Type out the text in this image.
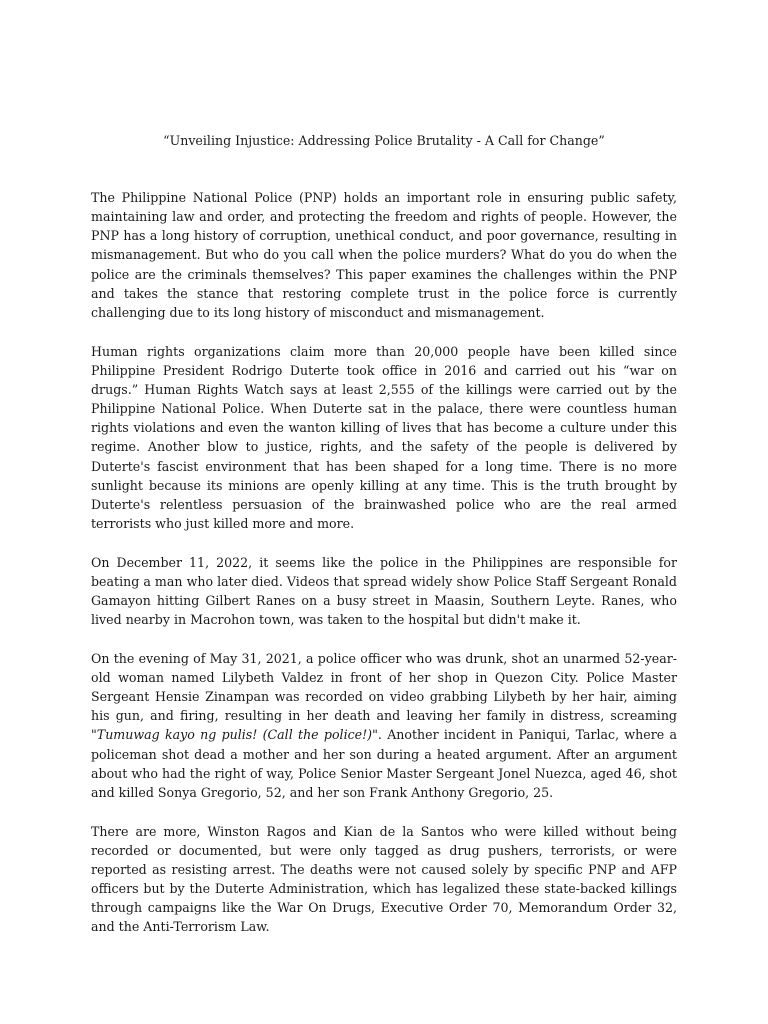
“Unveiling Injustice: Addressing Police Brutality - A Call for Change”

The Philippine National Police (PNP) holds an important role in ensuring public safety, maintaining law and order, and protecting the freedom and rights of people. However, the PNP has a long history of corruption, unethical conduct, and poor governance, resulting in mismanagement. But who do you call when the police murders? What do you do when the police are the criminals themselves? This paper examines the challenges within the PNP and takes the stance that restoring complete trust in the police force is currently challenging due to its long history of misconduct and mismanagement.

Human rights organizations claim more than 20,000 people have been killed since Philippine President Rodrigo Duterte took office in 2016 and carried out his “war on drugs.” Human Rights Watch says at least 2,555 of the killings were carried out by the Philippine National Police. When Duterte sat in the palace, there were countless human rights violations and even the wanton killing of lives that has become a culture under this regime. Another blow to justice, rights, and the safety of the people is delivered by Duterte's fascist environment that has been shaped for a long time. There is no more sunlight because its minions are openly killing at any time. This is the truth brought by Duterte's relentless persuasion of the brainwashed police who are the real armed terrorists who just killed more and more.

On December 11, 2022, it seems like the police in the Philippines are responsible for beating a man who later died. Videos that spread widely show Police Staff Sergeant Ronald Gamayon hitting Gilbert Ranes on a busy street in Maasin, Southern Leyte. Ranes, who lived nearby in Macrohon town, was taken to the hospital but didn't make it.

On the evening of May 31, 2021, a police officer who was drunk, shot an unarmed 52-year-old woman named Lilybeth Valdez in front of her shop in Quezon City. Police Master Sergeant Hensie Zinampan was recorded on video grabbing Lilybeth by her hair, aiming his gun, and firing, resulting in her death and leaving her family in distress, screaming "Tumuwag kayo ng pulis! (Call the police!)". Another incident in Paniqui, Tarlac, where a policeman shot dead a mother and her son during a heated argument. After an argument about who had the right of way, Police Senior Master Sergeant Jonel Nuezca, aged 46, shot and killed Sonya Gregorio, 52, and her son Frank Anthony Gregorio, 25.

There are more, Winston Ragos and Kian de la Santos who were killed without being recorded or documented, but were only tagged as drug pushers, terrorists, or were reported as resisting arrest. The deaths were not caused solely by specific PNP and AFP officers but by the Duterte Administration, which has legalized these state-backed killings through campaigns like the War On Drugs, Executive Order 70, Memorandum Order 32, and the Anti-Terrorism Law.
